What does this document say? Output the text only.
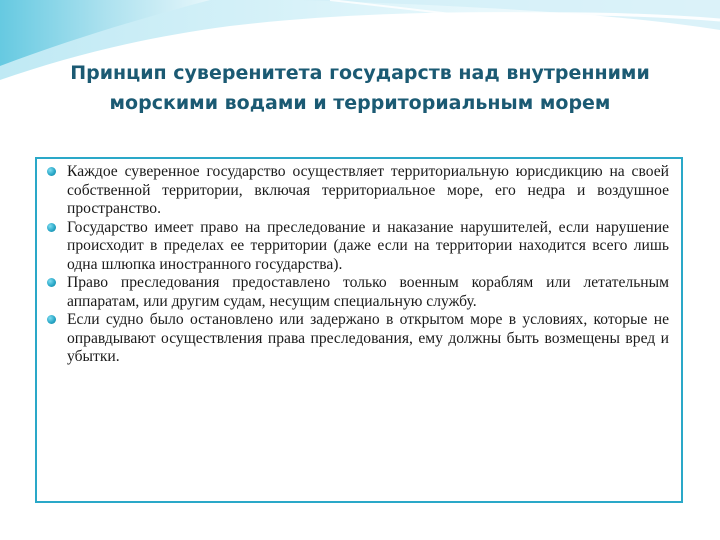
Принцип суверенитета государств над внутренними морскими водами и территориальным морем
Каждое суверенное государство осуществляет территориальную юрисдикцию на своей собственной территории, включая территориальное море, его недра и воздушное пространство.
Государство имеет право на преследование и наказание нарушителей, если нарушение происходит в пределах ее территории (даже если на территории находится всего лишь одна шлюпка иностранного государства).
Право преследования предоставлено только военным кораблям или летательным аппаратам, или другим судам, несущим специальную службу.
Если судно было остановлено или задержано в открытом море в условиях, которые не оправдывают осуществления права преследования, ему должны быть возмещены вред и убытки.
